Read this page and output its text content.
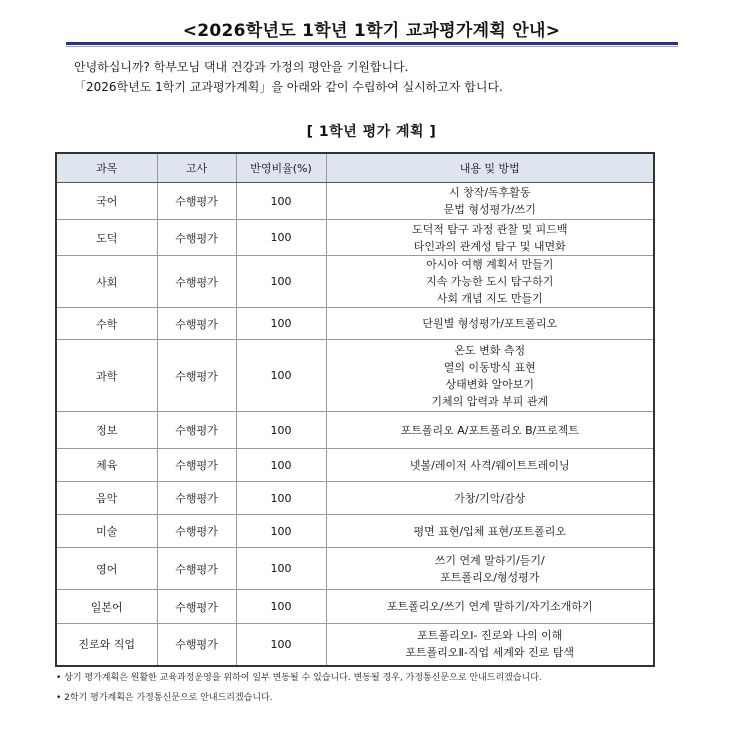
<2026학년도 1학년 1학기 교과평가계획 안내>
안녕하십니까? 학부모님 댁내 건강과 가정의 평안을 기원합니다.
「2026학년도 1학기 교과평가계획」을 아래와 같이 수립하여 실시하고자 합니다.
[ 1학년 평가 계획 ]
과목	고사	반영비율(%)	내용 및 방법
국어	수행평가	100	시 창작/독후활동
문법 형성평가/쓰기

도덕	수행평가	100	도덕적 탐구 과정 관찰 및 피드백
타인과의 관계성 탐구 및 내면화

사회	수행평가	100	아시아 여행 계획서 만들기
지속 가능한 도시 탐구하기
사회 개념 지도 만들기

수학	수행평가	100	단원별 형성평가/포트폴리오

과학	수행평가	100	온도 변화 측정
열의 이동방식 표현
상태변화 알아보기
기체의 압력과 부피 관계

정보	수행평가	100	포트폴리오 A/포트폴리오 B/프로젝트

체육	수행평가	100	넷볼/레이저 사격/웨이트트레이닝

음악	수행평가	100	가창/기악/감상

미술	수행평가	100	평면 표현/입체 표현/포트폴리오

영어	수행평가	100	쓰기 연계 말하기/듣기/
포트폴리오/형성평가

일본어	수행평가	100	포트폴리오/쓰기 연계 말하기/자기소개하기

진로와 직업	수행평가	100	포트폴리오Ⅰ- 진로와 나의 이해
포트폴리오Ⅱ-직업 세계와 진로 탐색
• 상기 평가계획은 원활한 교육과정운영을 위하여 일부 변동될 수 있습니다. 변동될 경우, 가정통신문으로 안내드리겠습니다.
• 2학기 평가계획은 가정통신문으로 안내드리겠습니다.
